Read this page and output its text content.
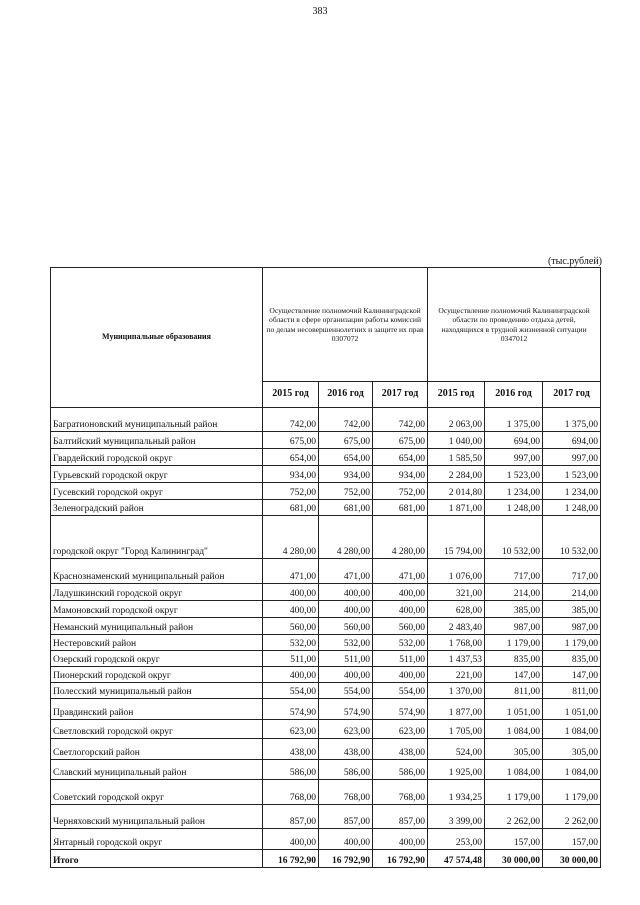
383
(тыс.рублей)
Муниципальные образования	Осуществление полномочий Калининградской области в сфере организации работы комиссий по делам несовершеннолетних и защите их прав 0307072			Осуществление полномочий Калининградской области по проведению отдыха детей, находящихся в трудной жизненной ситуации 0347012		
	2015 год	2016 год	2017 год	2015 год	2016 год	2017 год
Багратионовский муниципальный район	742,00	742,00	742,00	2 063,00	1 375,00	1 375,00
Балтийский муниципальный район	675,00	675,00	675,00	1 040,00	694,00	694,00
Гвардейский городской округ	654,00	654,00	654,00	1 585,50	997,00	997,00
Гурьевский городской округ	934,00	934,00	934,00	2 284,00	1 523,00	1 523,00
Гусевский городской округ	752,00	752,00	752,00	2 014,80	1 234,00	1 234,00
Зеленоградский район	681,00	681,00	681,00	1 871,00	1 248,00	1 248,00
городской округ "Город Калининград"	4 280,00	4 280,00	4 280,00	15 794,00	10 532,00	10 532,00
Краснознаменский муниципальный район	471,00	471,00	471,00	1 076,00	717,00	717,00
Ладушкинский городской округ	400,00	400,00	400,00	321,00	214,00	214,00
Мамоновский городской округ	400,00	400,00	400,00	628,00	385,00	385,00
Неманский муниципальный район	560,00	560,00	560,00	2 483,40	987,00	987,00
Нестеровский район	532,00	532,00	532,00	1 768,00	1 179,00	1 179,00
Озерский городской округ	511,00	511,00	511,00	1 437,53	835,00	835,00
Пионерский городской округ	400,00	400,00	400,00	221,00	147,00	147,00
Полесский муниципальный район	554,00	554,00	554,00	1 370,00	811,00	811,00
Правдинский район	574,90	574,90	574,90	1 877,00	1 051,00	1 051,00
Светловский городской округ	623,00	623,00	623,00	1 705,00	1 084,00	1 084,00
Светлогорский район	438,00	438,00	438,00	524,00	305,00	305,00
Славский муниципальный район	586,00	586,00	586,00	1 925,00	1 084,00	1 084,00
Советский городской округ	768,00	768,00	768,00	1 934,25	1 179,00	1 179,00
Черняховский муниципальный район	857,00	857,00	857,00	3 399,00	2 262,00	2 262,00
Янтарный городской округ	400,00	400,00	400,00	253,00	157,00	157,00
Итого	16 792,90	16 792,90	16 792,90	47 574,48	30 000,00	30 000,00
